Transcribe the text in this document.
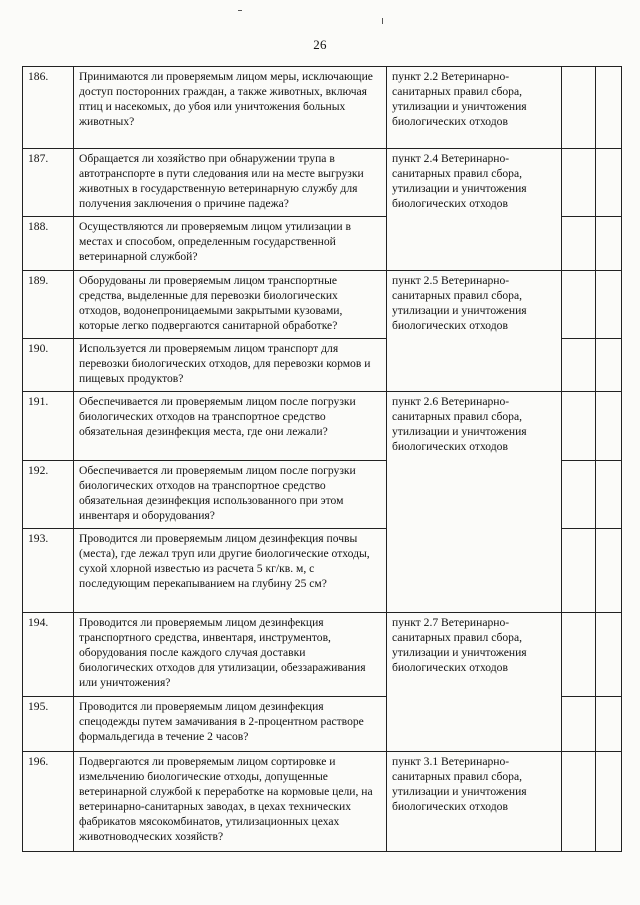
26
186.	Принимаются ли проверяемым лицом меры, исключающие доступ посторонних граждан, а также животных, включая птиц и насекомых, до убоя или уничтожения больных животных?	пункт 2.2 Ветеринарно-санитарных правил сбора, утилизации и уничтожения биологических отходов		
187.	Обращается ли хозяйство при обнаружении трупа в автотранспорте в пути следования или на месте выгрузки животных в государственную ветеринарную службу для получения заключения о причине падежа?	пункт 2.4 Ветеринарно-санитарных правил сбора, утилизации и уничтожения биологических отходов		
188.	Осуществляются ли проверяемым лицом утилизации в местах и способом, определенным государственной ветеринарной службой?			
189.	Оборудованы ли проверяемым лицом транспортные средства, выделенные для перевозки биологических отходов, водонепроницаемыми закрытыми кузовами, которые легко подвергаются санитарной обработке?	пункт 2.5 Ветеринарно-санитарных правил сбора, утилизации и уничтожения биологических отходов		
190.	Используется ли проверяемым лицом транспорт для перевозки биологических отходов, для перевозки кормов и пищевых продуктов?			
191.	Обеспечивается ли проверяемым лицом после погрузки биологических отходов на транспортное средство обязательная дезинфекция места, где они лежали?	пункт 2.6 Ветеринарно-санитарных правил сбора, утилизации и уничтожения биологических отходов		
192.	Обеспечивается ли проверяемым лицом после погрузки биологических отходов на транспортное средство обязательная дезинфекция использованного при этом инвентаря и оборудования?			
193.	Проводится ли проверяемым лицом дезинфекция почвы (места), где лежал труп или другие биологические отходы, сухой хлорной известью из расчета 5 кг/кв. м, с последующим перекапыванием на глубину 25 см?			
194.	Проводится ли проверяемым лицом дезинфекция транспортного средства, инвентаря, инструментов, оборудования после каждого случая доставки биологических отходов для утилизации, обеззараживания или уничтожения?	пункт 2.7 Ветеринарно-санитарных правил сбора, утилизации и уничтожения биологических отходов		
195.	Проводится ли проверяемым лицом дезинфекция спецодежды путем замачивания в 2-процентном растворе формальдегида в течение 2 часов?			
196.	Подвергаются ли проверяемым лицом сортировке и измельчению биологические отходы, допущенные ветеринарной службой к переработке на кормовые цели, на ветеринарно-санитарных заводах, в цехах технических фабрикатов мясокомбинатов, утилизационных цехах животноводческих хозяйств?	пункт 3.1 Ветеринарно-санитарных правил сбора, утилизации и уничтожения биологических отходов		
